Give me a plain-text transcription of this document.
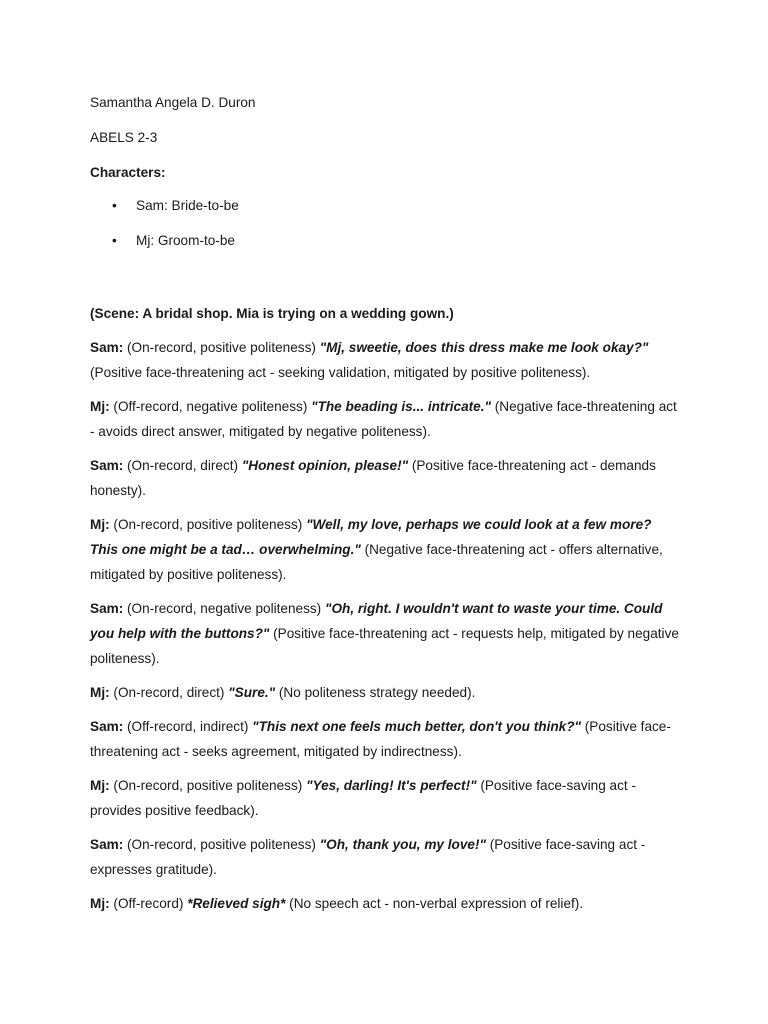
Samantha Angela D. Duron

ABELS 2-3

Characters:

• Sam: Bride-to-be
• Mj: Groom-to-be

(Scene: A bridal shop. Mia is trying on a wedding gown.)

Sam: (On-record, positive politeness) "Mj, sweetie, does this dress make me look okay?" (Positive face-threatening act - seeking validation, mitigated by positive politeness).

Mj: (Off-record, negative politeness) "The beading is... intricate." (Negative face-threatening act - avoids direct answer, mitigated by negative politeness).

Sam: (On-record, direct) "Honest opinion, please!" (Positive face-threatening act - demands honesty).

Mj: (On-record, positive politeness) "Well, my love, perhaps we could look at a few more? This one might be a tad… overwhelming." (Negative face-threatening act - offers alternative, mitigated by positive politeness).

Sam: (On-record, negative politeness) "Oh, right. I wouldn't want to waste your time. Could you help with the buttons?" (Positive face-threatening act - requests help, mitigated by negative politeness).

Mj: (On-record, direct) "Sure." (No politeness strategy needed).

Sam: (Off-record, indirect) "This next one feels much better, don't you think?" (Positive face-threatening act - seeks agreement, mitigated by indirectness).

Mj: (On-record, positive politeness) "Yes, darling! It's perfect!" (Positive face-saving act - provides positive feedback).

Sam: (On-record, positive politeness) "Oh, thank you, my love!" (Positive face-saving act - expresses gratitude).

Mj: (Off-record) *Relieved sigh* (No speech act - non-verbal expression of relief).
